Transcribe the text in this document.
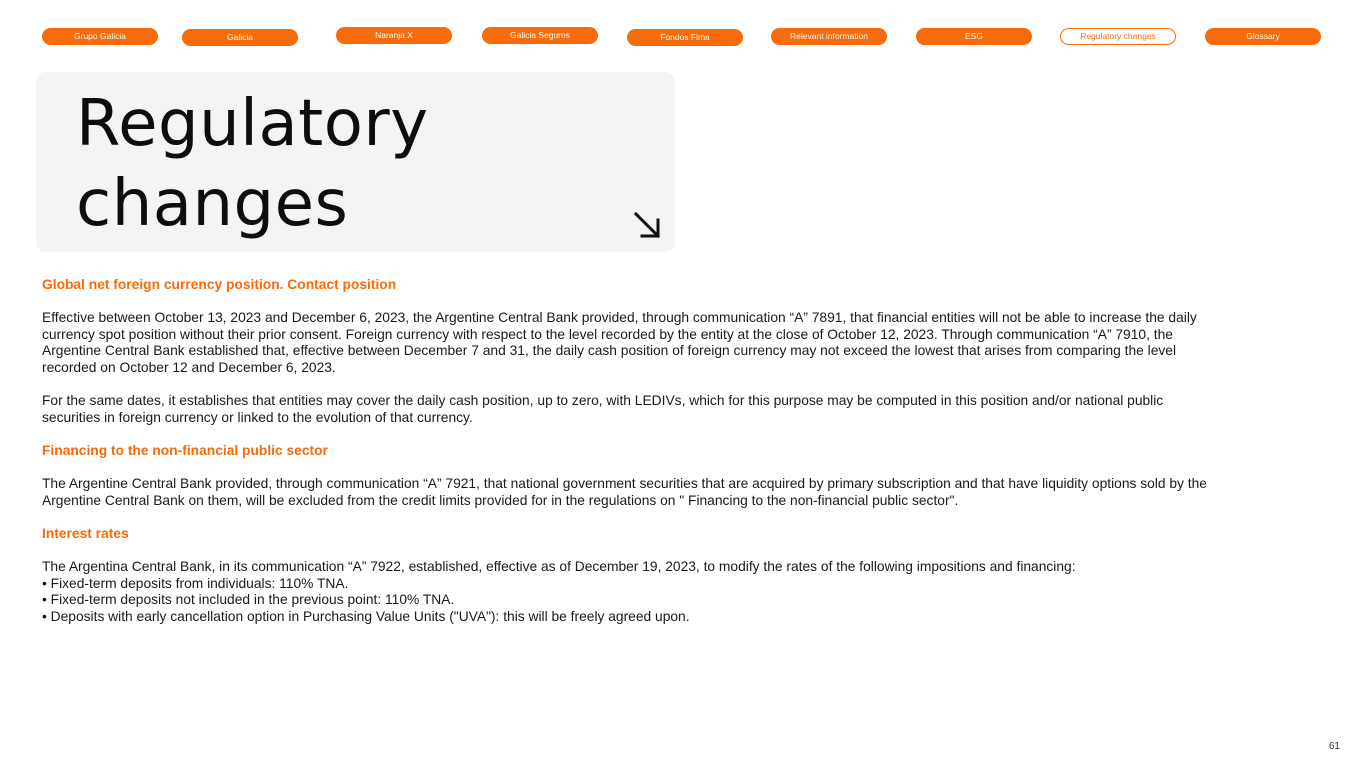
Grupo Galicia	Galicia	Naranja X	Galicia Seguros	Fondos Fima	Relevant information	ESG	Regulatory changes	Glossary
Regulatory
changes
Global net foreign currency position. Contact position

Effective between October 13, 2023 and December 6, 2023, the Argentine Central Bank provided, through communication “A” 7891, that financial entities will not be able to increase the daily currency spot position without their prior consent. Foreign currency with respect to the level recorded by the entity at the close of October 12, 2023. Through communication “A” 7910, the Argentine Central Bank established that, effective between December 7 and 31, the daily cash position of foreign currency may not exceed the lowest that arises from comparing the level recorded on October 12 and December 6, 2023.

For the same dates, it establishes that entities may cover the daily cash position, up to zero, with LEDIVs, which for this purpose may be computed in this position and/or national public securities in foreign currency or linked to the evolution of that currency.

Financing to the non-financial public sector

The Argentine Central Bank provided, through communication “A” 7921, that national government securities that are acquired by primary subscription and that have liquidity options sold by the Argentine Central Bank on them, will be excluded from the credit limits provided for in the regulations on " Financing to the non-financial public sector".

Interest rates

The Argentina Central Bank, in its communication “A” 7922, established, effective as of December 19, 2023, to modify the rates of the following impositions and financing:

• Fixed-term deposits from individuals: 110% TNA.

• Fixed-term deposits not included in the previous point: 110% TNA.

• Deposits with early cancellation option in Purchasing Value Units ("UVA"): this will be freely agreed upon.

61
